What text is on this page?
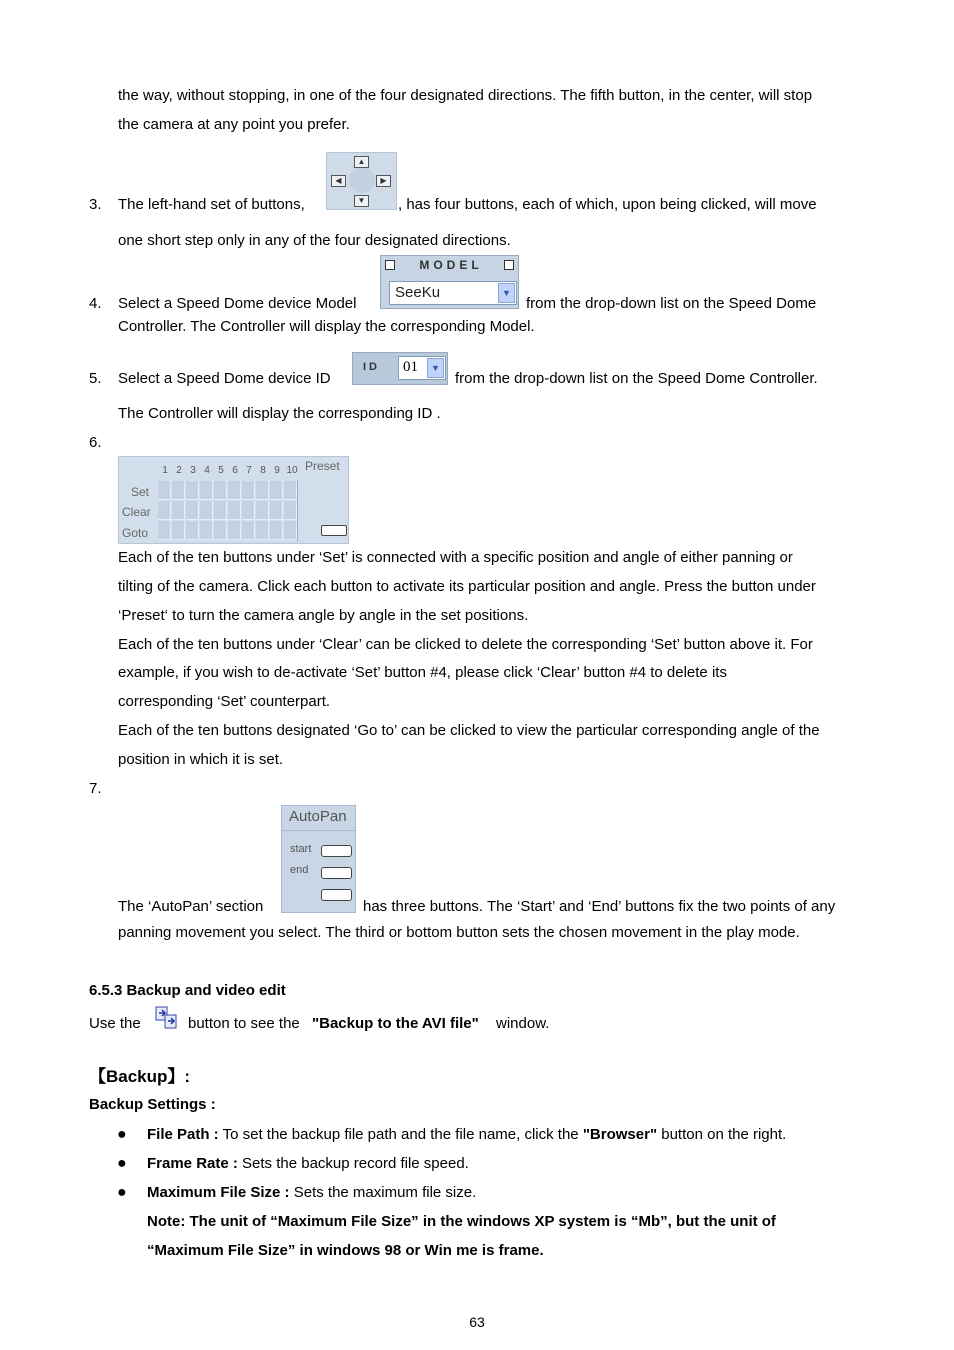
the way, without stopping, in one of the four designated directions. The fifth button, in the center, will stop
the camera at any point you prefer.
3. The left-hand set of buttons,
▲
◀	▶
▼ , has four buttons, each of which, upon being clicked, will move
one short step only in any of the four designated directions.
4. Select a Speed Dome device Model
MODEL
SeeKu	▼
from the drop-down list on the Speed Dome
Controller. The Controller will display the corresponding Model.
5. Select a Speed Dome device ID
ID 01	▼
from the drop-down list on the Speed Dome Controller.
The Controller will display the corresponding ID .
6.
1 2 3 4 5 6 7 8 9 10 Preset
Set
Clear
Goto
Each of the ten buttons under ‘Set’ is connected with a specific position and angle of either panning or
tilting of the camera. Click each button to activate its particular position and angle. Press the button under
‘Preset‘ to turn the camera angle by angle in the set positions.
Each of the ten buttons under ‘Clear’ can be clicked to delete the corresponding ‘Set’ button above it. For
example, if you wish to de-activate ‘Set’ button #4, please click ‘Clear’ button #4 to delete its
corresponding ‘Set’ counterpart.
Each of the ten buttons designated ‘Go to’ can be clicked to view the particular corresponding angle of the
position in which it is set.
7.
AutoPan
start
end
The ‘AutoPan’ section	has three buttons. The ‘Start’ and ‘End’ buttons fix the two points of any
panning movement you select. The third or bottom button sets the chosen movement in the play mode.
6.5.3 Backup and video edit
Use the	button to see the "Backup to the AVI file" window.
【Backup】:
Backup Settings :
● File Path : To set the backup file path and the file name, click the "Browser" button on the right.
● Frame Rate : Sets the backup record file speed.
● Maximum File Size : Sets the maximum file size.
Note: The unit of “Maximum File Size” in the windows XP system is “Mb”, but the unit of
“Maximum File Size” in windows 98 or Win me is frame.
63
